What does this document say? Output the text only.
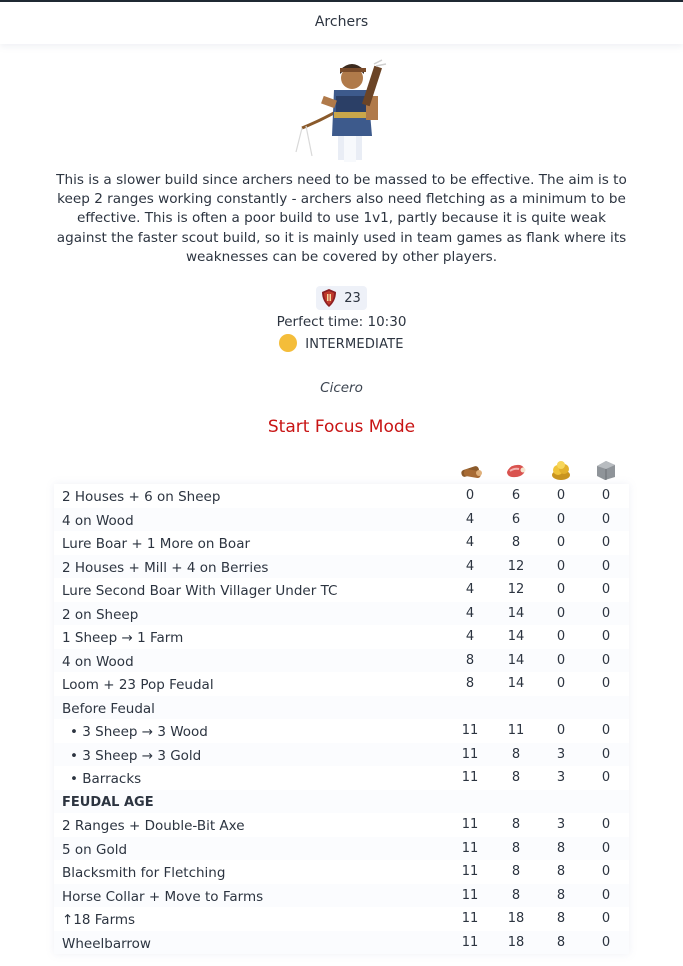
Archers
This is a slower build since archers need to be massed to be effective. The aim is to keep 2 ranges working constantly - archers also need fletching as a minimum to be effective. This is often a poor build to use 1v1, partly because it is quite weak against the faster scout build, so it is mainly used in team games as flank where its weaknesses can be covered by other players.
23
Perfect time: 10:30
INTERMEDIATE
Cicero
Start Focus Mode
2 Houses + 6 on Sheep	0	6	0	0
4 on Wood	4	6	0	0
Lure Boar + 1 More on Boar	4	8	0	0
2 Houses + Mill + 4 on Berries	4	12	0	0
Lure Second Boar With Villager Under TC	4	12	0	0
2 on Sheep	4	14	0	0
1 Sheep → 1 Farm	4	14	0	0
4 on Wood	8	14	0	0
Loom + 23 Pop Feudal	8	14	0	0
Before Feudal
• 3 Sheep → 3 Wood	11	11	0	0
• 3 Sheep → 3 Gold	11	8	3	0
• Barracks	11	8	3	0
FEUDAL AGE
2 Ranges + Double-Bit Axe	11	8	3	0
5 on Gold	11	8	8	0
Blacksmith for Fletching	11	8	8	0
Horse Collar + Move to Farms	11	8	8	0
↑18 Farms	11	18	8	0
Wheelbarrow	11	18	8	0
